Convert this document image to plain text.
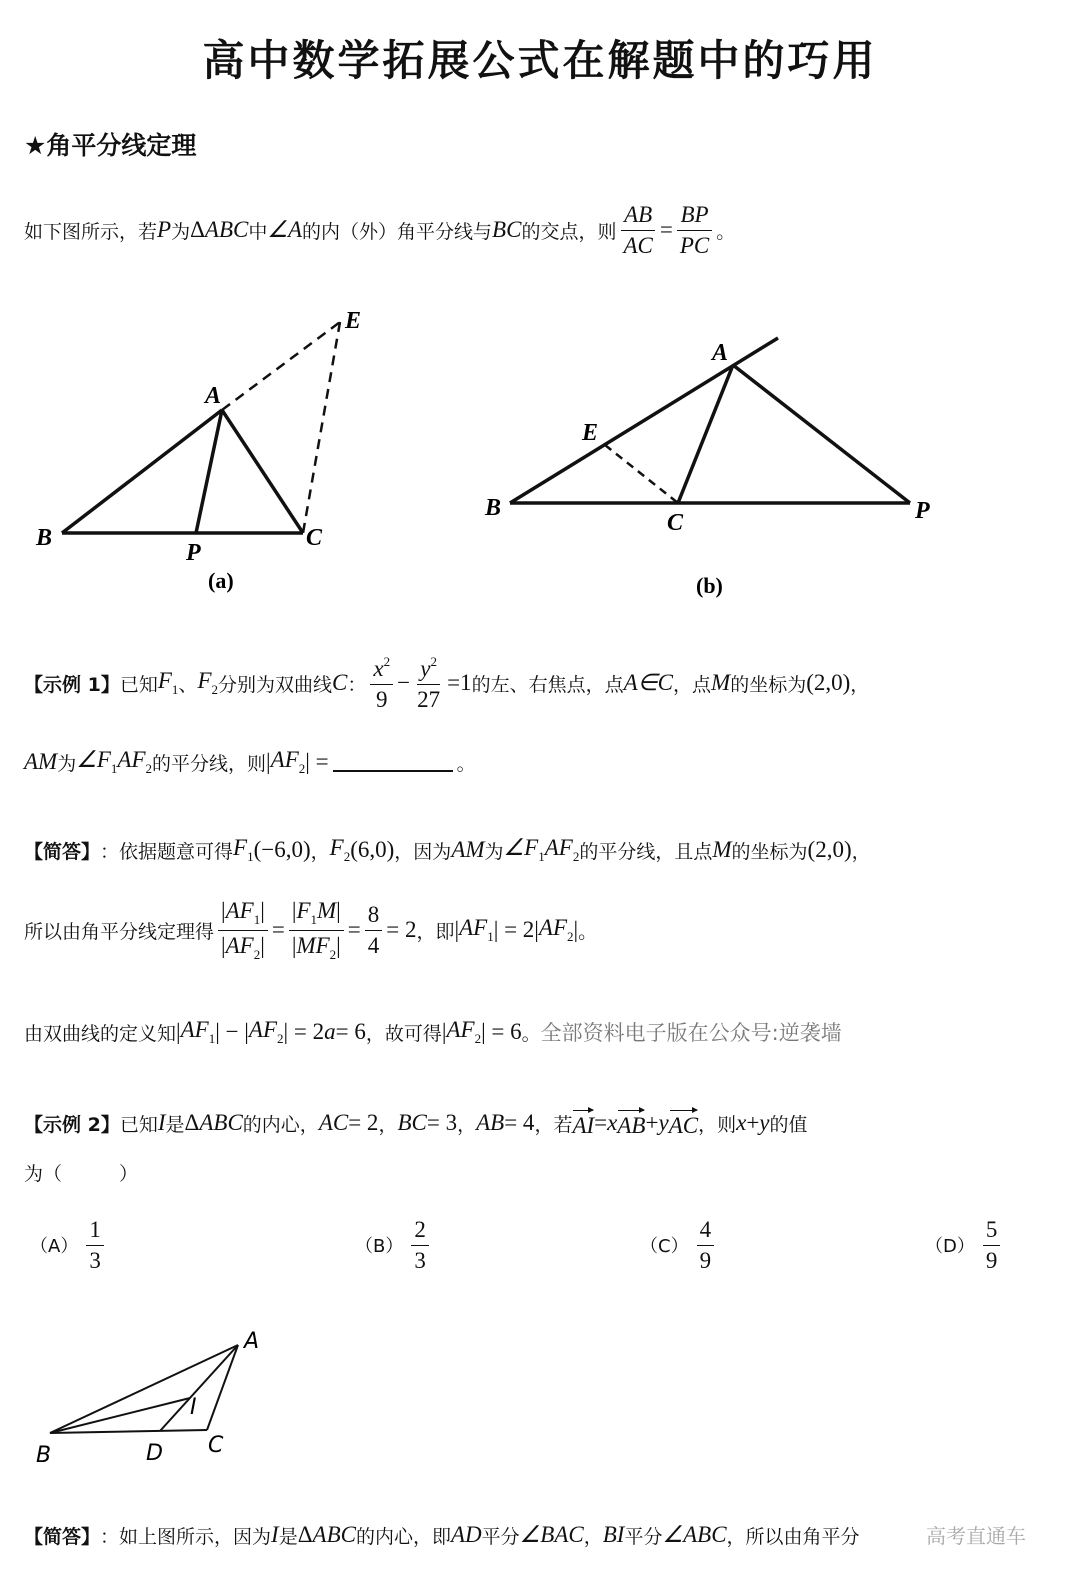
高中数学拓展公式在解题中的巧用
★角平分线定理
如下图所示，若 P 为 Δ ABC 中 ∠A 的内（外）角平分线与 BC 的交点，则 $\frac{AB}{AC} = \frac{BP}{PC}$ 。
【示例 1】 已知 $F_1$ 、 $F_2$ 分别为双曲线 C ： $\frac{x^2}{9} - \frac{y^2}{27} =1$ 的左、右焦点，点 A∈C ，点 M 的坐标为 (2,0) ，
AM 为 $\angle F_1$ $AF_2$ 的平分线，则 | $AF_2$ | =	。
【简答】 ：依据题意可得 $F_1$ (−6,0) ， $F_2$ (6,0) ，因为 AM 为 $\angle F_1$ $AF_2$ 的平分线，且点 M 的坐标为 (2,0) ，
所以由角平分线定理得 $\frac{|AF_1|}{|AF_2|} = \frac{|F_1M|}{|MF_2|} = \frac{8}{4} = 2$ ，即 | $AF_1$ | = 2| $AF_2$ | 。
由双曲线的定义知 | $AF_1$ | − | $AF_2$ | = 2 a = 6 ，故可得 | $AF_2$ | = 6 。 全部资料电子版在公众号:逆袭墙
【示例 2】 已知 I 是 Δ ABC 的内心， AC = 2 ， BC = 3 ， AB = 4 ，若 AI = x AB + y AC ，则 x + y 的值
为（　　　）
【简答】 ：如上图所示，因为 I 是 Δ ABC 的内心，即 AD 平分 ∠BAC ， BI 平分 ∠ABC ，所以由角平分
$(A) \frac{1}{3}$	$(B) \frac{2}{3}$	$(C) \frac{4}{9}$	$(D) \frac{5}{9}$
A
B	C
P
E
(a)
A
B
C	P
E
(b)
A
B	C
D
I
高考直通车
